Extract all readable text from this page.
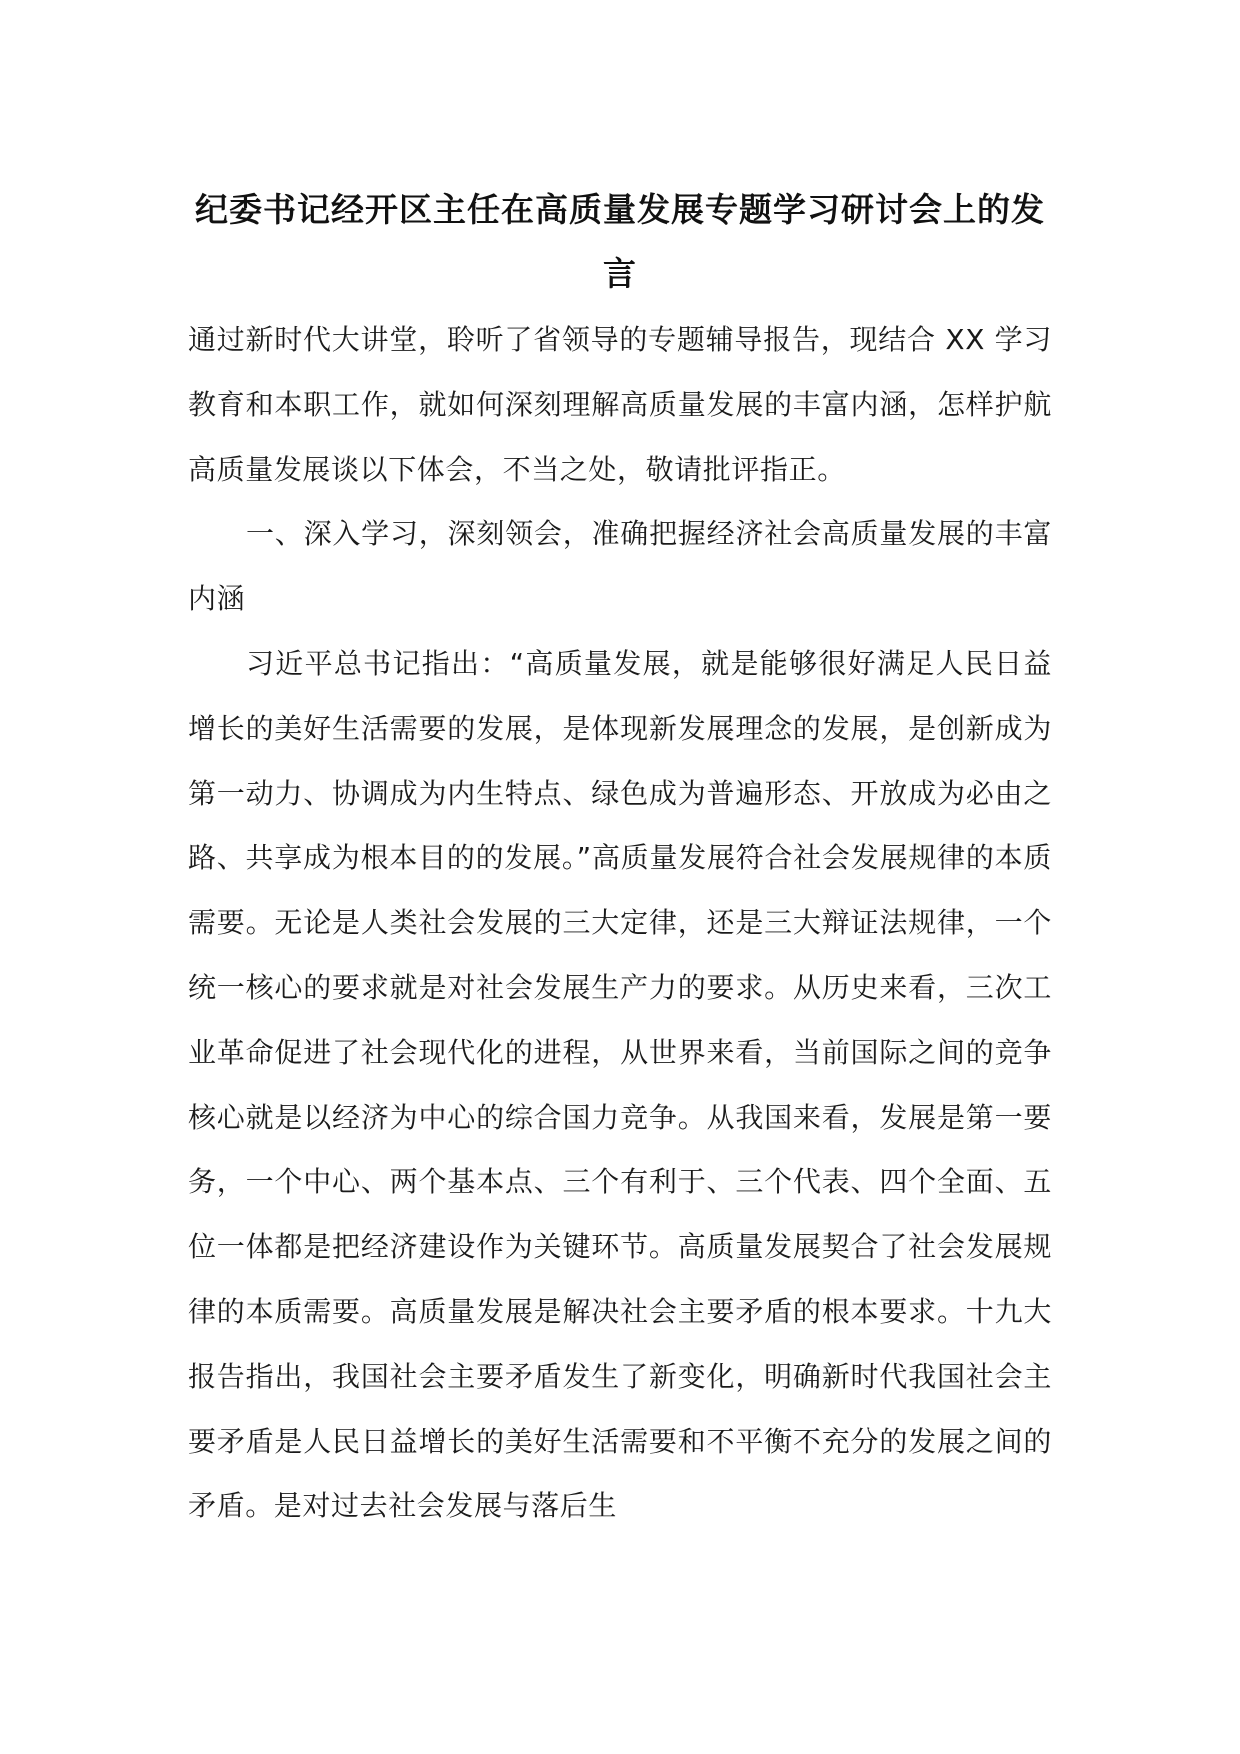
纪委书记经开区主任在高质量发展专题学习研讨会上的发言

通过新时代大讲堂，聆听了省领导的专题辅导报告，现结合 XX 学习教育和本职工作，就如何深刻理解高质量发展的丰富内涵，怎样护航高质量发展谈以下体会，不当之处，敬请批评指正。

一、深入学习，深刻领会，准确把握经济社会高质量发展的丰富内涵

习近平总书记指出：“高质量发展，就是能够很好满足人民日益增长的美好生活需要的发展，是体现新发展理念的发展，是创新成为第一动力、协调成为内生特点、绿色成为普遍形态、开放成为必由之路、共享成为根本目的的发展。”高质量发展符合社会发展规律的本质需要。无论是人类社会发展的三大定律，还是三大辩证法规律，一个统一核心的要求就是对社会发展生产力的要求。从历史来看，三次工业革命促进了社会现代化的进程，从世界来看，当前国际之间的竞争核心就是以经济为中心的综合国力竞争。从我国来看，发展是第一要务，一个中心、两个基本点、三个有利于、三个代表、四个全面、五位一体都是把经济建设作为关键环节。高质量发展契合了社会发展规律的本质需要。高质量发展是解决社会主要矛盾的根本要求。十九大报告指出，我国社会主要矛盾发生了新变化，明确新时代我国社会主要矛盾是人民日益增长的美好生活需要和不平衡不充分的发展之间的矛盾。是对过去社会发展与落后生
